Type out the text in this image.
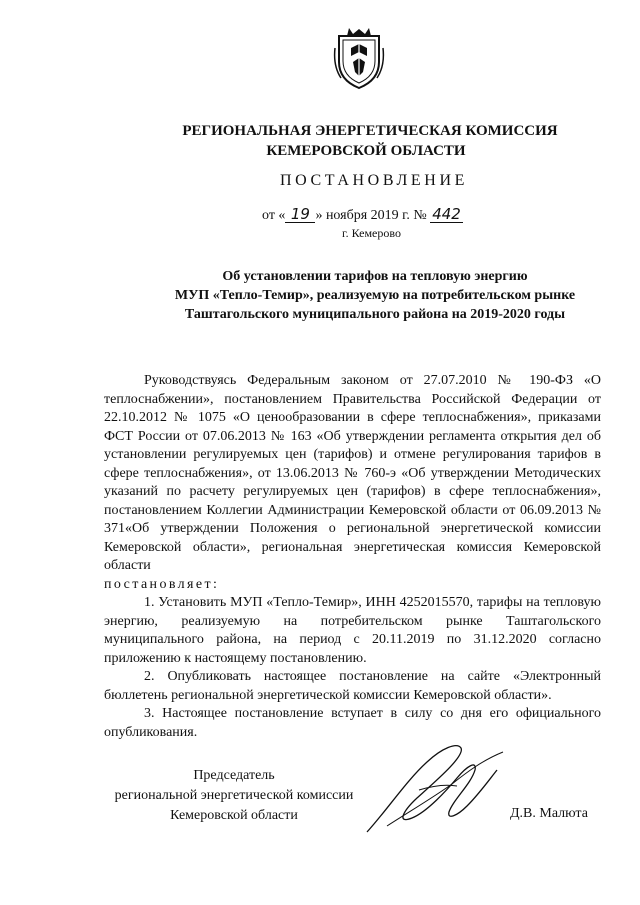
РЕГИОНАЛЬНАЯ ЭНЕРГЕТИЧЕСКАЯ КОМИССИЯ
КЕМЕРОВСКОЙ ОБЛАСТИ
ПОСТАНОВЛЕНИЕ
от « 19 » ноября 2019 г. № 442
г. Кемерово
Об установлении тарифов на тепловую энергию
МУП «Тепло-Темир», реализуемую на потребительском рынке
Таштагольского муниципального района на 2019-2020 годы

Руководствуясь Федеральным законом от 27.07.2010 № 190-ФЗ «О теплоснабжении», постановлением Правительства Российской Федерации от 22.10.2012 № 1075 «О ценообразовании в сфере теплоснабжения», приказами ФСТ России от 07.06.2013 № 163 «Об утверждении регламента открытия дел об установлении регулируемых цен (тарифов) и отмене регулирования тарифов в сфере теплоснабжения», от 13.06.2013 № 760-э «Об утверждении Методических указаний по расчету регулируемых цен (тарифов) в сфере теплоснабжения», постановлением Коллегии Администрации Кемеровской области от 06.09.2013 № 371«Об утверждении Положения о региональной энергетической комиссии Кемеровской области», региональная энергетическая комиссия Кемеровской области

постановляет:

1. Установить МУП «Тепло-Темир», ИНН 4252015570, тарифы на тепловую энергию, реализуемую на потребительском рынке Таштагольского муниципального района, на период с 20.11.2019 по 31.12.2020 согласно приложению к настоящему постановлению.

2. Опубликовать настоящее постановление на сайте «Электронный бюллетень региональной энергетической комиссии Кемеровской области».

3. Настоящее постановление вступает в силу со дня его официального опубликования.

Председатель
региональной энергетической комиссии
Кемеровской области	Д.В. Малюта
